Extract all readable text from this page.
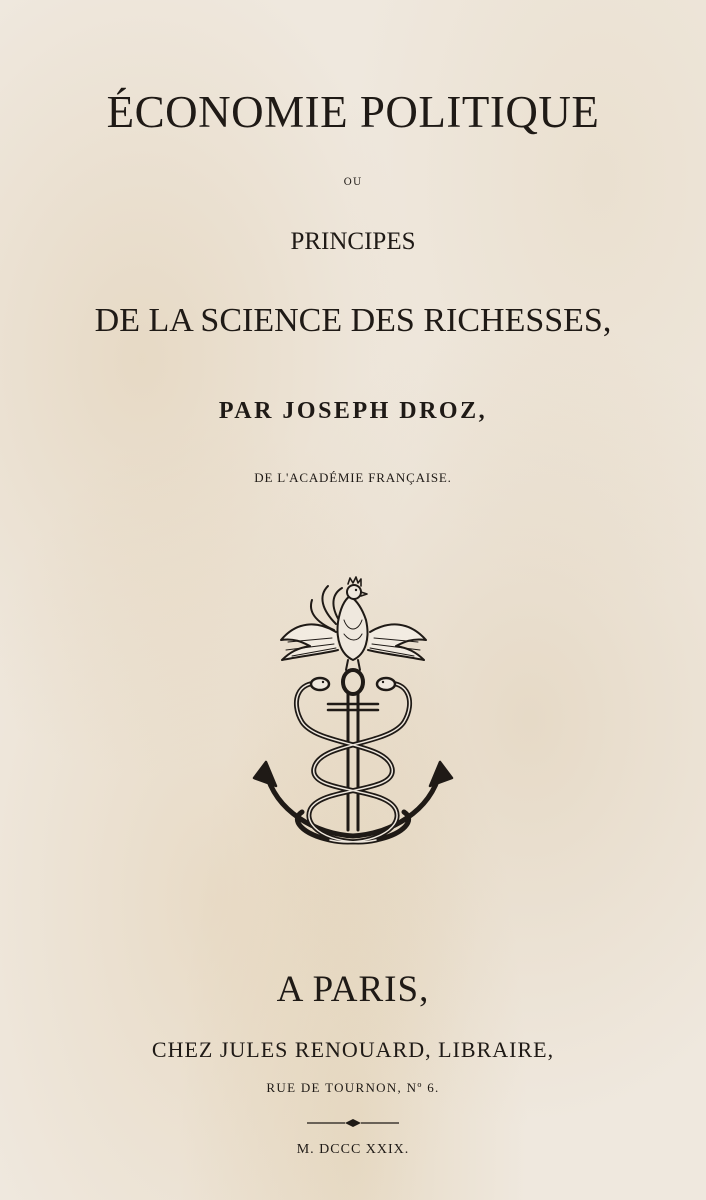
ÉCONOMIE POLITIQUE
OU
PRINCIPES
DE LA SCIENCE DES RICHESSES,
PAR JOSEPH DROZ,
DE L'ACADÉMIE FRANÇAISE.
A PARIS,
CHEZ JULES RENOUARD, LIBRAIRE,
RUE DE TOURNON, Nº 6.
M. DCCC XXIX.
